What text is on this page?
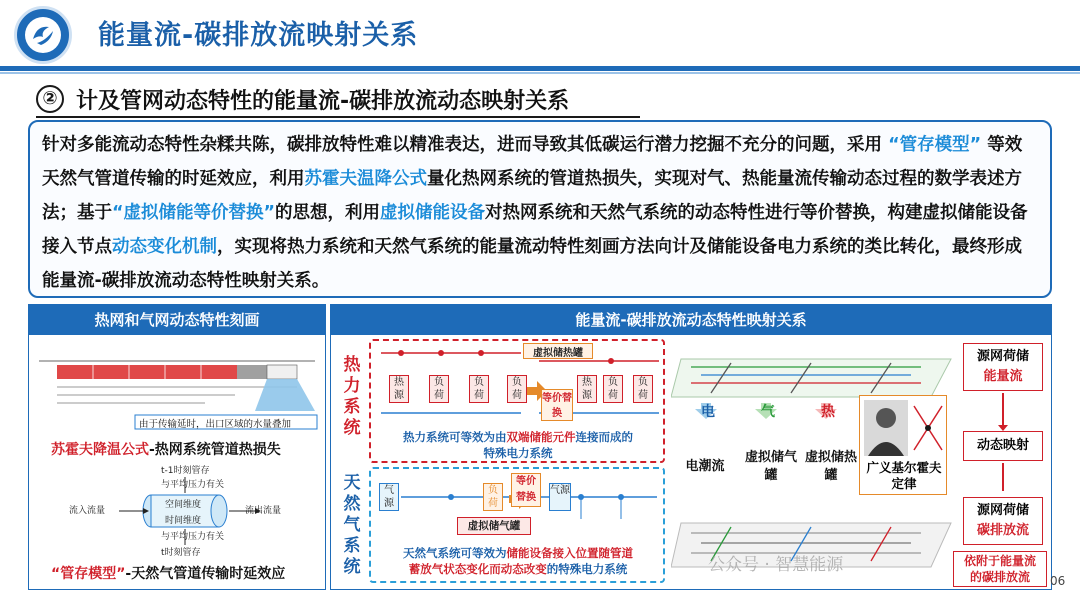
能量流-碳排放流映射关系
② 计及管网动态特性的能量流-碳排放流动态映射关系
针对多能流动态特性杂糅共陈，碳排放特性难以精准表达，进而导致其低碳运行潜力挖掘不充分的问题，采用 “管存模型” 等效天然气管道传输的时延效应，利用苏霍夫温降公式量化热网系统的管道热损失，实现对气、热能量流传输动态过程的数学表述方法；基于“虚拟储能等价替换”的思想，利用虚拟储能设备对热网系统和天然气系统的动态特性进行等价替换，构建虚拟储能设备接入节点动态变化机制，实现将热力系统和天然气系统的能量流动特性刻画方法向计及储能设备电力系统的类比转化，最终形成能量流-碳排放流动态特性映射关系。
热网和气网动态特性刻画
由于传输延时，出口区域的水量叠加
苏霍夫降温公式-热网系统管道热损失
t-1时刻管存
与平均压力有关
流入流量
空间维度
时间维度
流出流量
与平均压力有关
t时刻管存
“管存模型”-天然气管道传输时延效应
能量流-碳排放流动态特性映射关系
热力系统
热源
负荷
负荷
负荷
热源
负荷
负荷
虚拟储热罐
等价替换
热力系统可等效为由双端储能元件连接而成的
特殊电力系统
天然气系统
气源
负荷
等价替换
气源
虚拟储气罐
天然气系统可等效为储能设备接入位置随管道
蓄放气状态变化而动态改变的特殊电力系统
电	气	热
电潮流
虚拟储气罐
虚拟储热罐
广义基尔霍夫定律
源网荷储
能量流
动态映射
源网荷储
碳排放流
依附于能量流
的碳排放流
公众号 · 智慧能源
06
